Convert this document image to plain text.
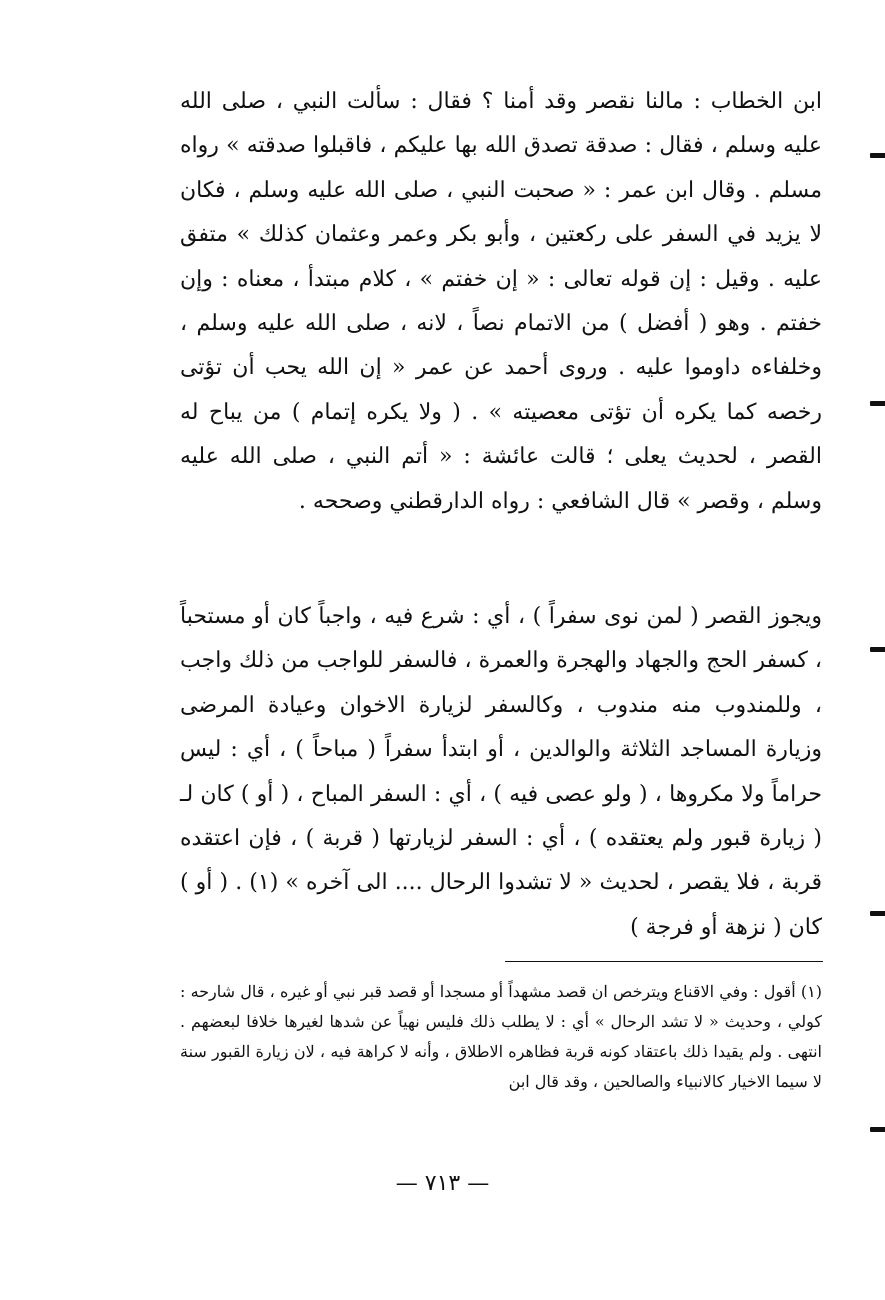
ابن الخطاب : مالنا نقصر وقد أمنا ؟ فقال : سألت النبي ، صلى الله عليه وسلم ، فقال : صدقة تصدق الله بها عليكم ، فاقبلوا صدقته » رواه مسلم . وقال ابن عمر : « صحبت النبي ، صلى الله عليه وسلم ، فكان لا يزيد في السفر على ركعتين ، وأبو بكر وعمر وعثمان كذلك » متفق عليه . وقيل : إن قوله تعالى : « إن خفتم » ، كلام مبتدأ ، معناه : وإن خفتم . وهو ( أفضل ) من الاتمام نصاً ، لانه ، صلى الله عليه وسلم ، وخلفاءه داوموا عليه . وروى أحمد عن عمر « إن الله يحب أن تؤتى رخصه كما يكره أن تؤتى معصيته » . ( ولا يكره إتمام ) من يباح له القصر ، لحديث يعلى ؛ قالت عائشة : « أتم النبي ، صلى الله عليه وسلم ، وقصر » قال الشافعي : رواه الدارقطني وصححه .

ويجوز القصر ( لمن نوى سفراً ) ، أي : شرع فيه ، واجباً كان أو مستحباً ، كسفر الحج والجهاد والهجرة والعمرة ، فالسفر للواجب من ذلك واجب ، وللمندوب منه مندوب ، وكالسفر لزيارة الاخوان وعيادة المرضى وزيارة المساجد الثلاثة والوالدين ، أو ابتدأ سفراً ( مباحاً ) ، أي : ليس حراماً ولا مكروها ، ( ولو عصى فيه ) ، أي : السفر المباح ، ( أو ) كان لـ ( زيارة قبور ولم يعتقده ) ، أي : السفر لزيارتها ( قربة ) ، فإن اعتقده قربة ، فلا يقصر ، لحديث « لا تشدوا الرحال .... الى آخره » (١) . ( أو ) كان ( نزهة أو فرجة )

(١) أقول : وفي الاقناع ويترخص ان قصد مشهداً أو مسجدا أو قصد قبر نبي أو غيره ، قال شارحه : كولي ، وحديث « لا تشد الرحال » أي : لا يطلب ذلك فليس نهياً عن شدها لغيرها خلافا لبعضهم . انتهى . ولم يقيدا ذلك باعتقاد كونه قربة فظاهره الاطلاق ، وأنه لا كراهة فيه ، لان زيارة القبور سنة لا سيما الاخيار كالانبياء والصالحين ، وقد قال ابن

— ٧١٣ —
